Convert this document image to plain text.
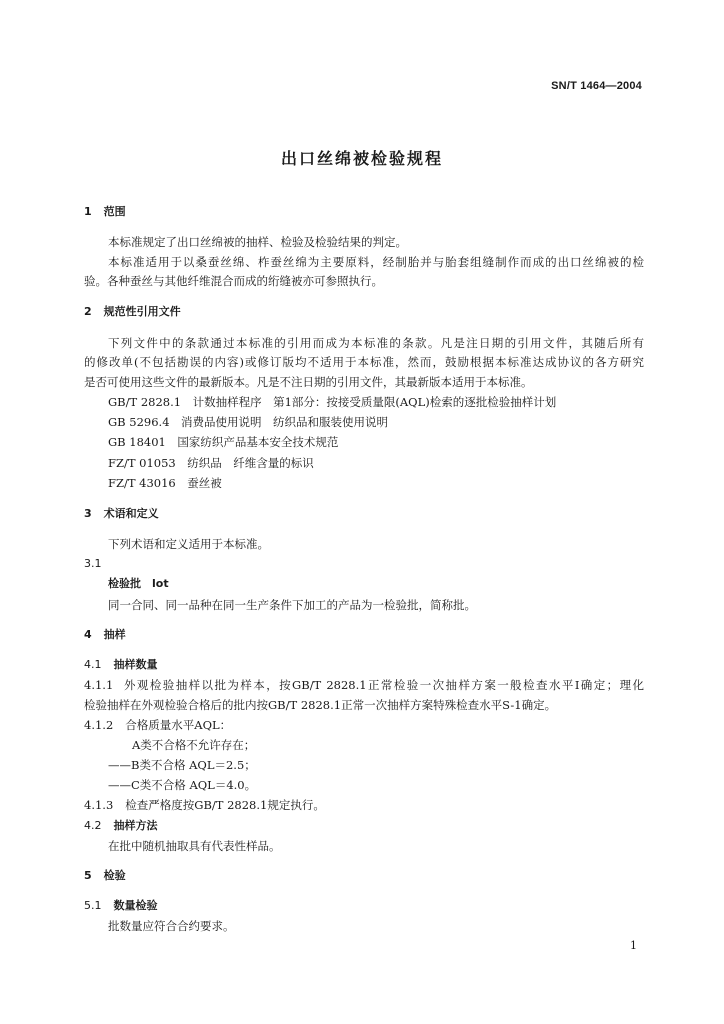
SN/T 1464—2004
出口丝绵被检验规程
1 范围
本标准规定了出口丝绵被的抽样、检验及检验结果的判定。
本标准适用于以桑蚕丝绵、柞蚕丝绵为主要原料，经制胎并与胎套组缝制作而成的出口丝绵被的检
验。各种蚕丝与其他纤维混合而成的绗缝被亦可参照执行。
2 规范性引用文件
下列文件中的条款通过本标准的引用而成为本标准的条款。凡是注日期的引用文件，其随后所有
的修改单(不包括勘误的内容)或修订版均不适用于本标准，然而，鼓励根据本标准达成协议的各方研究
是否可使用这些文件的最新版本。凡是不注日期的引用文件，其最新版本适用于本标准。
GB/T 2828.1　计数抽样程序　第1部分：按接受质量限(AQL)检索的逐批检验抽样计划
GB 5296.4　消费品使用说明　纺织品和服装使用说明
GB 18401　国家纺织产品基本安全技术规范
FZ/T 01053　纺织品　纤维含量的标识
FZ/T 43016　蚕丝被
3 术语和定义
下列术语和定义适用于本标准。
3.1
检验批　lot
同一合同、同一品种在同一生产条件下加工的产品为一检验批，简称批。
4 抽样
4.1 抽样数量
4.1.1 外观检验抽样以批为样本，按GB/T 2828.1正常检验一次抽样方案一般检查水平Ⅰ确定；理化
检验抽样在外观检验合格后的批内按GB/T 2828.1正常一次抽样方案特殊检查水平S-1确定。
4.1.2 合格质量水平AQL：
A类不合格不允许存在；
——B类不合格 AQL＝2.5；
——C类不合格 AQL＝4.0。
4.1.3 检查严格度按GB/T 2828.1规定执行。
4.2 抽样方法
在批中随机抽取具有代表性样品。
5 检验
5.1 数量检验
批数量应符合合约要求。
1
